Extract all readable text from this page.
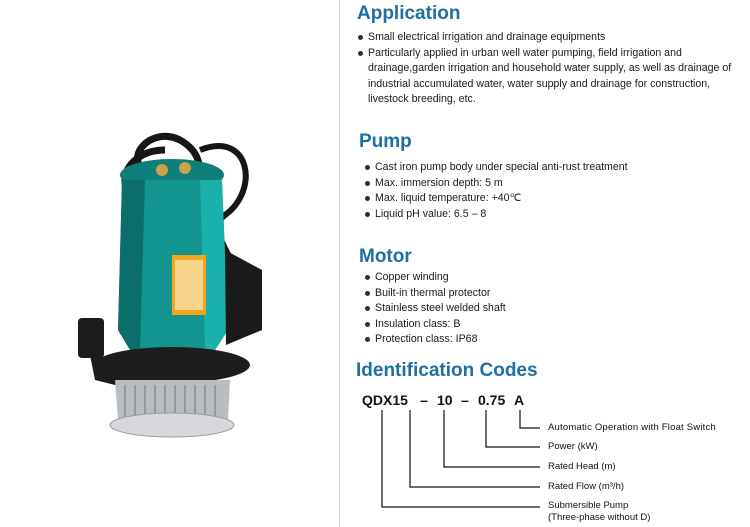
Application
Small electrical irrigation and drainage equipments
Particularly applied in urban well water pumping, field irrigation and drainage,garden irrigation and household water supply, as well as drainage of industrial accumulated water, water supply and drainage for construction, livestock breeding, etc.
Pump
Cast iron pump body under special anti-rust treatment
Max. immersion depth: 5 m
Max. liquid temperature: +40℃
Liquid pH value: 6.5 – 8
Motor
Copper winding
Built-in thermal protector
Stainless steel welded shaft
Insulation class: B
Protection class: IP68
Identification Codes
QDX15 – 10 – 0.75 A
Automatic Operation with Float Switch
Power (kW)
Rated Head (m)
Rated Flow (m³/h)
Submersible Pump
(Three-phase without D)
